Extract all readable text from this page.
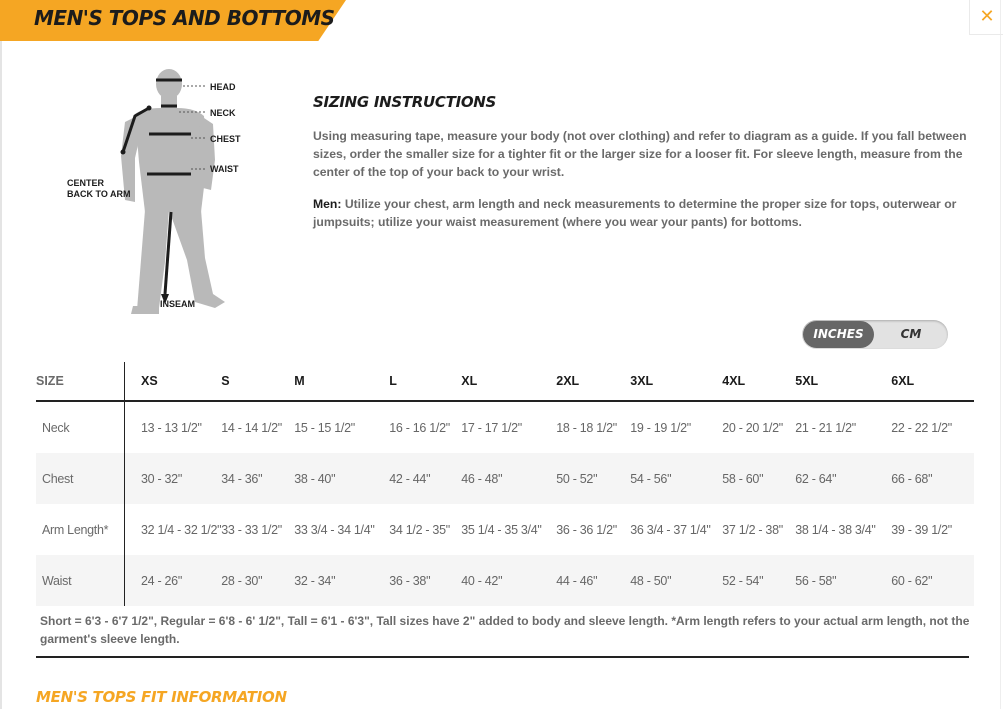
MEN'S TOPS AND BOTTOMS	✕
HEAD
NECK
CHEST
WAIST
CENTER
BACK TO ARM
INSEAM
SIZING INSTRUCTIONS

Using measuring tape, measure your body (not over clothing) and refer to diagram as a guide. If you fall between sizes, order the smaller size for a tighter fit or the larger size for a looser fit. For sleeve length, measure from the center of the top of your back to your wrist.

Men: Utilize your chest, arm length and neck measurements to determine the proper size for tops, outerwear or jumpsuits; utilize your waist measurement (where you wear your pants) for bottoms.

INCHES	CM
SIZE	XS	S	M	L	XL	2XL	3XL	4XL	5XL	6XL
Neck	13 - 13 1/2"	14 - 14 1/2"	15 - 15 1/2"	16 - 16 1/2"	17 - 17 1/2"	18 - 18 1/2"	19 - 19 1/2"	20 - 20 1/2"	21 - 21 1/2"	22 - 22 1/2"
Chest	30 - 32"	34 - 36"	38 - 40"	42 - 44"	46 - 48"	50 - 52"	54 - 56"	58 - 60"	62 - 64"	66 - 68"
Arm Length*	32 1/4 - 32 1/2"	33 - 33 1/2"	33 3/4 - 34 1/4"	34 1/2 - 35"	35 1/4 - 35 3/4"	36 - 36 1/2"	36 3/4 - 37 1/4"	37 1/2 - 38"	38 1/4 - 38 3/4"	39 - 39 1/2"
Waist	24 - 26"	28 - 30"	32 - 34"	36 - 38"	40 - 42"	44 - 46"	48 - 50"	52 - 54"	56 - 58"	60 - 62"
Short = 6'3 - 6'7 1/2", Regular = 6'8 - 6' 1/2", Tall = 6'1 - 6'3", Tall sizes have 2" added to body and sleeve length. *Arm length refers to your actual arm length, not the garment's sleeve length.
MEN'S TOPS FIT INFORMATION
